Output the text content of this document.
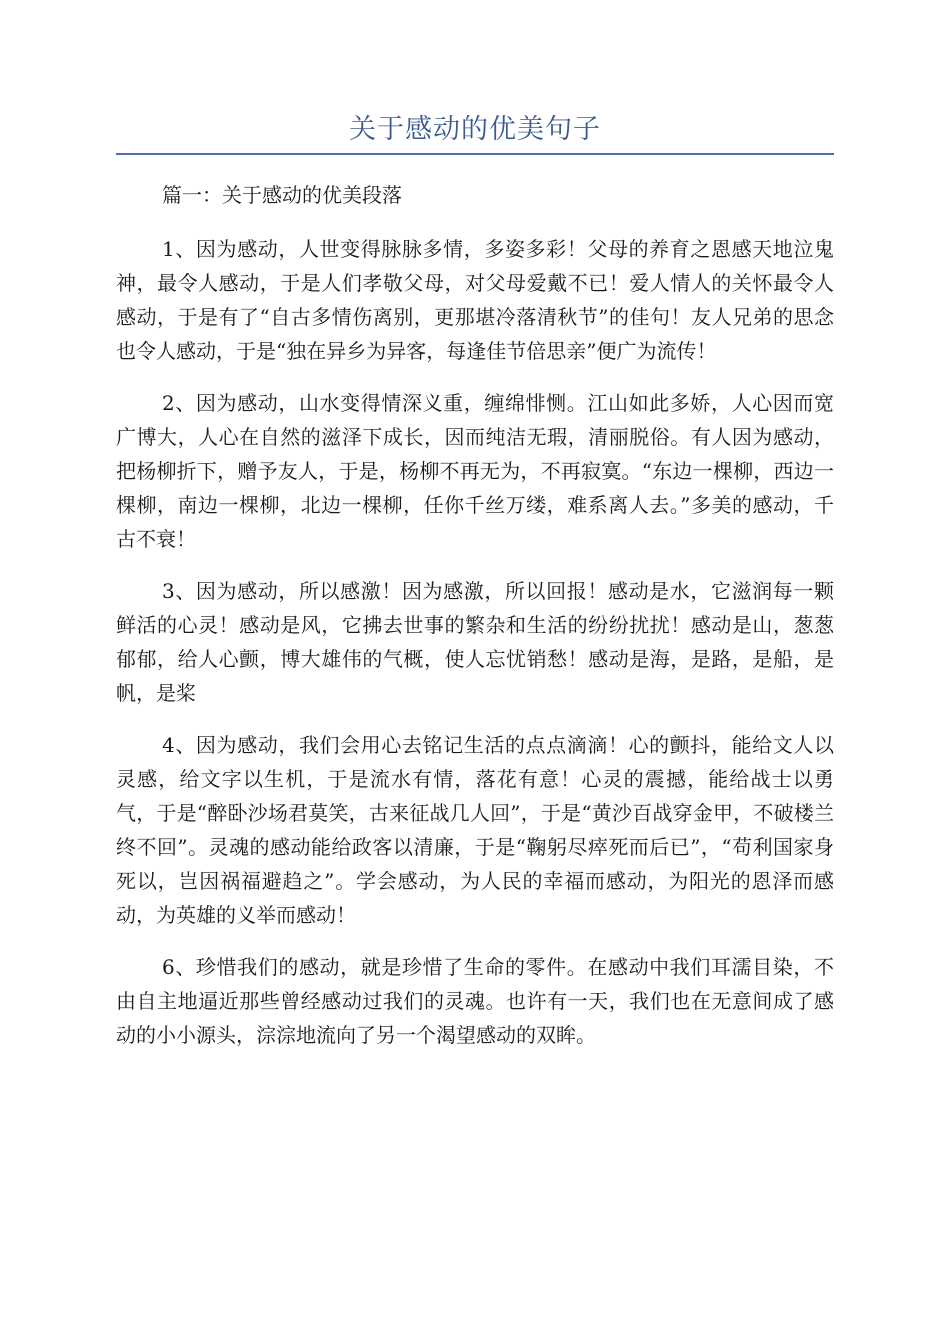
关于感动的优美句子

篇一：关于感动的优美段落

1、因为感动，人世变得脉脉多情，多姿多彩！父母的养育之恩感天地泣鬼神，最令人感动，于是人们孝敬父母，对父母爱戴不已！爱人情人的关怀最令人感动，于是有了“自古多情伤离别，更那堪冷落清秋节”的佳句！友人兄弟的思念也令人感动，于是“独在异乡为异客，每逢佳节倍思亲”便广为流传！

2、因为感动，山水变得情深义重，缠绵悱恻。江山如此多娇，人心因而宽广博大，人心在自然的滋泽下成长，因而纯洁无瑕，清丽脱俗。有人因为感动，把杨柳折下，赠予友人，于是，杨柳不再无为，不再寂寞。“东边一棵柳，西边一棵柳，南边一棵柳，北边一棵柳，任你千丝万缕，难系离人去。”多美的感动，千古不衰！

3、因为感动，所以感激！因为感激，所以回报！感动是水，它滋润每一颗鲜活的心灵！感动是风，它拂去世事的繁杂和生活的纷纷扰扰！感动是山，葱葱郁郁，给人心颤，博大雄伟的气概，使人忘忧销愁！感动是海，是路，是船，是帆，是桨

4、因为感动，我们会用心去铭记生活的点点滴滴！心的颤抖，能给文人以灵感，给文字以生机，于是流水有情，落花有意！心灵的震撼，能给战士以勇气，于是“醉卧沙场君莫笑，古来征战几人回”，于是“黄沙百战穿金甲，不破楼兰终不回”。灵魂的感动能给政客以清廉，于是“鞠躬尽瘁死而后已”，“苟利国家身死以，岂因祸福避趋之”。学会感动，为人民的幸福而感动，为阳光的恩泽而感动，为英雄的义举而感动！

6、珍惜我们的感动，就是珍惜了生命的零件。在感动中我们耳濡目染，不由自主地逼近那些曾经感动过我们的灵魂。也许有一天，我们也在无意间成了感动的小小源头，淙淙地流向了另一个渴望感动的双眸。
